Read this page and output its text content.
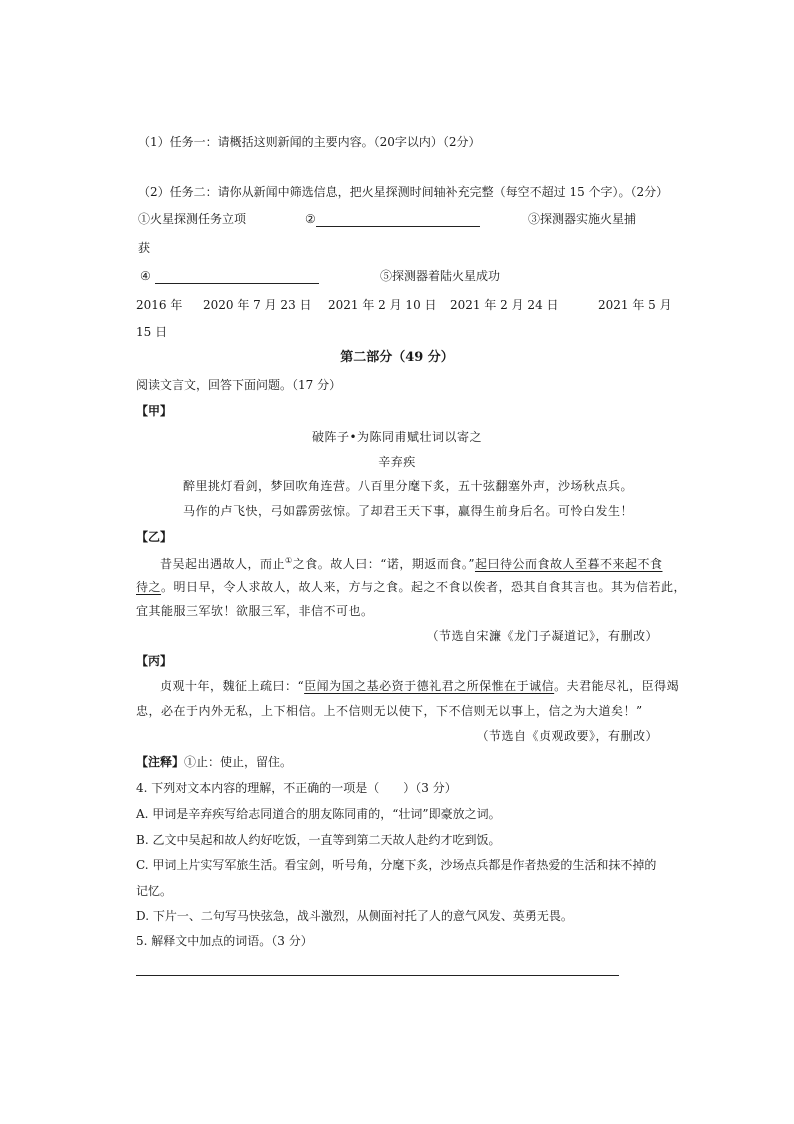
（1）任务一：请概括这则新闻的主要内容。（20字以内）（2分）
（2）任务二：请你从新闻中筛选信息，把火星探测时间轴补充完整（每空不超过 15 个字）。（2分）
①火星探测任务立项	②	③探测器实施火星捕
获
④	⑤探测器着陆火星成功
2016 年 2020 年 7 月 23 日 2021 年 2 月 10 日 2021 年 2 月 24 日	2021 年 5 月
15 日
第二部分（49 分）
阅读文言文，回答下面问题。（17 分）
【甲】
破阵子•为陈同甫赋壮词以寄之
辛弃疾
醉里挑灯看剑，梦回吹角连营。八百里分麾下炙，五十弦翻塞外声，沙场秋点兵。
马作的卢飞快，弓如霹雳弦惊。了却君王天下事，赢得生前身后名。可怜白发生！
【乙】
昔吴起出遇故人，而止①之食。故人曰：“诺，期返而食。”起曰待公而食故人至暮不来起不食
待之。明日早，令人求故人，故人来，方与之食。起之不食以俟者，恐其自食其言也。其为信若此，
宜其能服三军欤！欲服三军，非信不可也。
（节选自宋濂《龙门子凝道记》，有删改）
【丙】
贞观十年，魏征上疏曰：“臣闻为国之基必资于德礼君之所保惟在于诚信。夫君能尽礼，臣得竭
忠，必在于内外无私，上下相信。上不信则无以使下，下不信则无以事上，信之为大道矣！”
（节选自《贞观政要》，有删改）
【注释】①止：使止，留住。
4. 下列对文本内容的理解，不正确的一项是（　　）（3 分）
A. 甲词是辛弃疾写给志同道合的朋友陈同甫的，“壮词”即豪放之词。
B. 乙文中吴起和故人约好吃饭，一直等到第二天故人赴约才吃到饭。
C. 甲词上片实写军旅生活。看宝剑，听号角，分麾下炙，沙场点兵都是作者热爱的生活和抹不掉的
记忆。
D. 下片一、二句写马快弦急，战斗激烈，从侧面衬托了人的意气风发、英勇无畏。
5. 解释文中加点的词语。（3 分）
